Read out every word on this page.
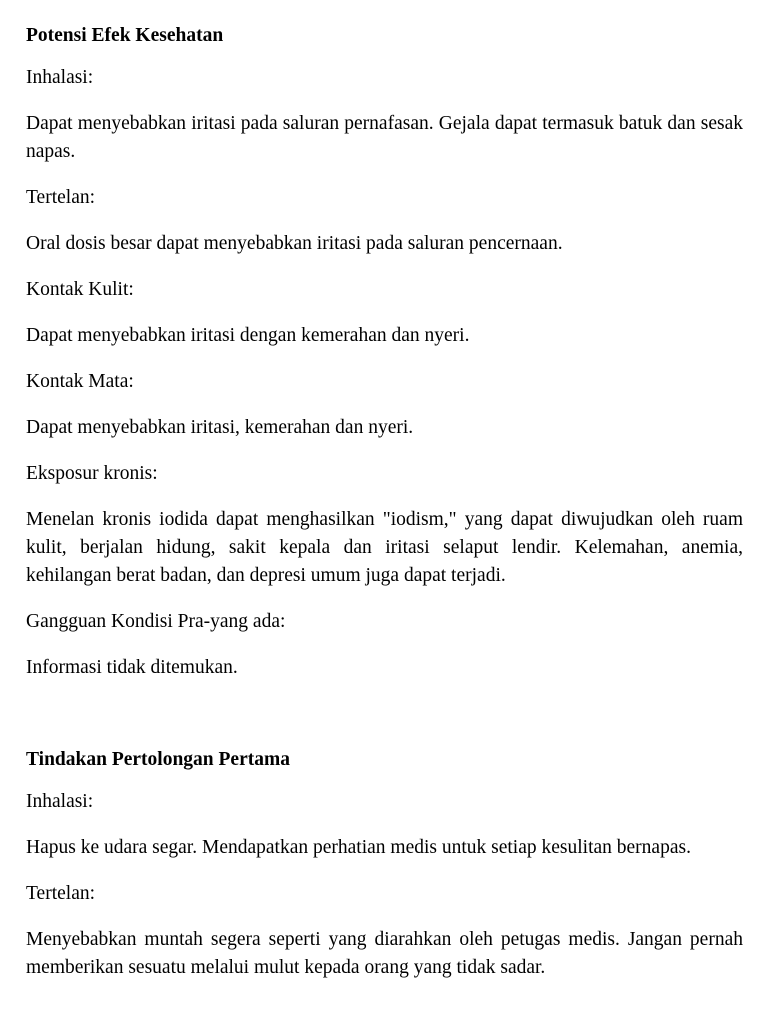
Potensi Efek Kesehatan
Inhalasi:
Dapat menyebabkan iritasi pada saluran pernafasan. Gejala dapat termasuk batuk dan sesak napas.
Tertelan:
Oral dosis besar dapat menyebabkan iritasi pada saluran pencernaan.
Kontak Kulit:
Dapat menyebabkan iritasi dengan kemerahan dan nyeri.
Kontak Mata:
Dapat menyebabkan iritasi, kemerahan dan nyeri.
Eksposur kronis:
Menelan kronis iodida dapat menghasilkan "iodism," yang dapat diwujudkan oleh ruam kulit, berjalan hidung, sakit kepala dan iritasi selaput lendir. Kelemahan, anemia, kehilangan berat badan, dan depresi umum juga dapat terjadi.
Gangguan Kondisi Pra-yang ada:
Informasi tidak ditemukan.
Tindakan Pertolongan Pertama
Inhalasi:
Hapus ke udara segar. Mendapatkan perhatian medis untuk setiap kesulitan bernapas.
Tertelan:
Menyebabkan muntah segera seperti yang diarahkan oleh petugas medis. Jangan pernah memberikan sesuatu melalui mulut kepada orang yang tidak sadar.
